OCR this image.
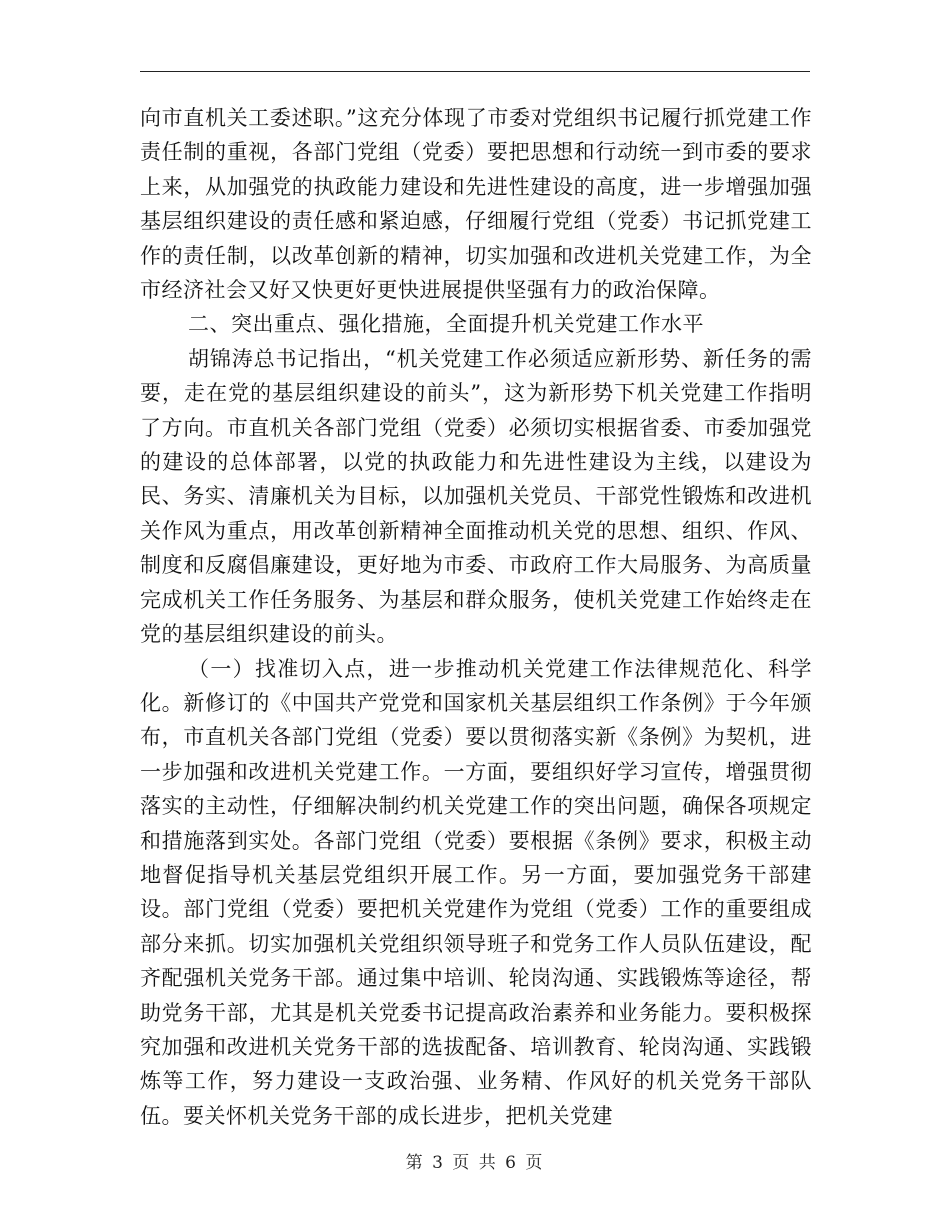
向市直机关工委述职。”这充分体现了市委对党组织书记履行抓党建工作责任制的重视，各部门党组（党委）要把思想和行动统一到市委的要求上来，从加强党的执政能力建设和先进性建设的高度，进一步增强加强基层组织建设的责任感和紧迫感，仔细履行党组（党委）书记抓党建工作的责任制，以改革创新的精神，切实加强和改进机关党建工作，为全市经济社会又好又快更好更快进展提供坚强有力的政治保障。

二、突出重点、强化措施，全面提升机关党建工作水平

胡锦涛总书记指出，“机关党建工作必须适应新形势、新任务的需要，走在党的基层组织建设的前头”，这为新形势下机关党建工作指明了方向。市直机关各部门党组（党委）必须切实根据省委、市委加强党的建设的总体部署，以党的执政能力和先进性建设为主线，以建设为民、务实、清廉机关为目标，以加强机关党员、干部党性锻炼和改进机关作风为重点，用改革创新精神全面推动机关党的思想、组织、作风、制度和反腐倡廉建设，更好地为市委、市政府工作大局服务、为高质量完成机关工作任务服务、为基层和群众服务，使机关党建工作始终走在党的基层组织建设的前头。

（一）找准切入点，进一步推动机关党建工作法律规范化、科学化。新修订的《中国共产党党和国家机关基层组织工作条例》于今年颁布，市直机关各部门党组（党委）要以贯彻落实新《条例》为契机，进一步加强和改进机关党建工作。一方面，要组织好学习宣传，增强贯彻落实的主动性，仔细解决制约机关党建工作的突出问题，确保各项规定和措施落到实处。各部门党组（党委）要根据《条例》要求，积极主动地督促指导机关基层党组织开展工作。另一方面，要加强党务干部建设。部门党组（党委）要把机关党建作为党组（党委）工作的重要组成部分来抓。切实加强机关党组织领导班子和党务工作人员队伍建设，配齐配强机关党务干部。通过集中培训、轮岗沟通、实践锻炼等途径，帮助党务干部，尤其是机关党委书记提高政治素养和业务能力。要积极探究加强和改进机关党务干部的选拔配备、培训教育、轮岗沟通、实践锻炼等工作，努力建设一支政治强、业务精、作风好的机关党务干部队伍。要关怀机关党务干部的成长进步，把机关党建

第 3 页 共 6 页
